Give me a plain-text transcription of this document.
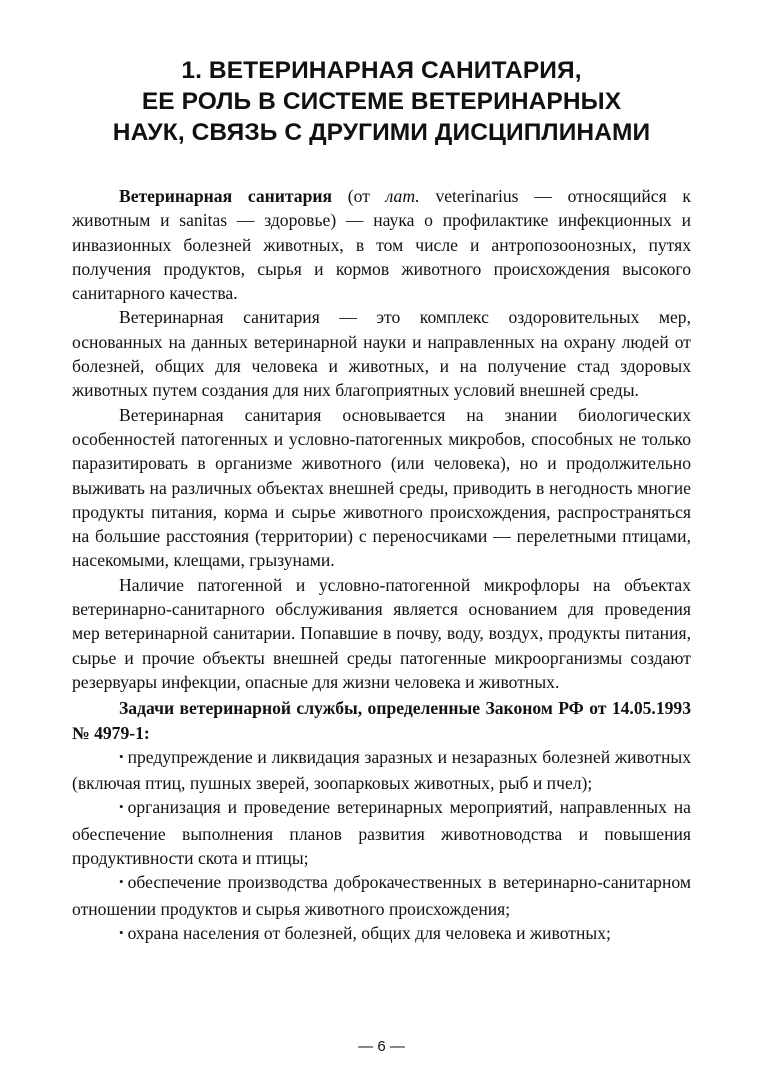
1. ВЕТЕРИНАРНАЯ САНИТАРИЯ,
ЕЕ РОЛЬ В СИСТЕМЕ ВЕТЕРИНАРНЫХ
НАУК, СВЯЗЬ С ДРУГИМИ ДИСЦИПЛИНАМИ

Ветеринарная санитария (от лат. veterinarius — относящийся к животным и sanitas — здоровье) — наука о профилактике инфекционных и инвазионных болезней животных, в том числе и антропозоонозных, путях получения продуктов, сырья и кормов животного происхождения высокого санитарного качества.

Ветеринарная санитария — это комплекс оздоровительных мер, основанных на данных ветеринарной науки и направленных на охрану людей от болезней, общих для человека и животных, и на получение стад здоровых животных путем создания для них благоприятных условий внешней среды.

Ветеринарная санитария основывается на знании биологических особенностей патогенных и условно-патогенных микробов, способных не только паразитировать в организме животного (или человека), но и продолжительно выживать на различных объектах внешней среды, приводить в негодность многие продукты питания, корма и сырье животного происхождения, распространяться на большие расстояния (территории) с переносчиками — перелетными птицами, насекомыми, клещами, грызунами.

Наличие патогенной и условно-патогенной микрофлоры на объектах ветеринарно-санитарного обслуживания является основанием для проведения мер ветеринарной санитарии. Попавшие в почву, воду, воздух, продукты питания, сырье и прочие объекты внешней среды патогенные микроорганизмы создают резервуары инфекции, опасные для жизни человека и животных.

Задачи ветеринарной службы, определенные Законом РФ от 14.05.1993 № 4979-1:

• предупреждение и ликвидация заразных и незаразных болезней животных (включая птиц, пушных зверей, зоопарковых животных, рыб и пчел);

• организация и проведение ветеринарных мероприятий, направленных на обеспечение выполнения планов развития животноводства и повышения продуктивности скота и птицы;

• обеспечение производства доброкачественных в ветеринарно-санитарном отношении продуктов и сырья животного происхождения;

• охрана населения от болезней, общих для человека и животных;

— 6 —
